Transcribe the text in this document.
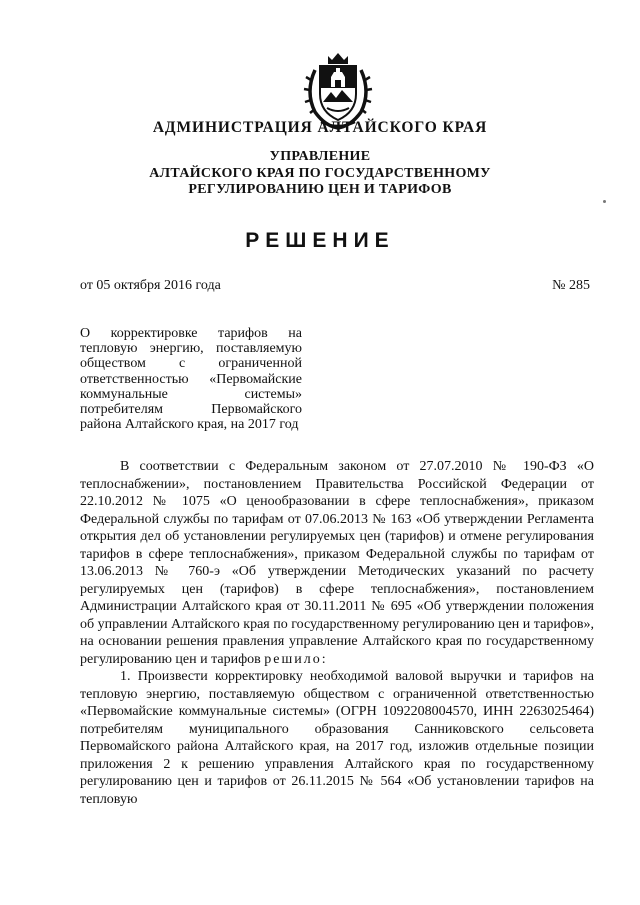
АДМИНИСТРАЦИЯ АЛТАЙСКОГО КРАЯ
УПРАВЛЕНИЕ
АЛТАЙСКОГО КРАЯ ПО ГОСУДАРСТВЕННОМУ
РЕГУЛИРОВАНИЮ ЦЕН И ТАРИФОВ
РЕШЕНИЕ
от 05 октября 2016 года	№ 285
О корректировке тарифов на тепловую энергию, поставляемую обществом с ограниченной ответственностью «Первомайские коммунальные системы» потребителям Первомайского района Алтайского края, на 2017 год

В соответствии с Федеральным законом от 27.07.2010 № 190-ФЗ «О теплоснабжении», постановлением Правительства Российской Федерации от 22.10.2012 № 1075 «О ценообразовании в сфере теплоснабжения», приказом Федеральной службы по тарифам от 07.06.2013 № 163 «Об утверждении Регламента открытия дел об установлении регулируемых цен (тарифов) и отмене регулирования тарифов в сфере теплоснабжения», приказом Федеральной службы по тарифам от 13.06.2013 № 760-э «Об утверждении Методических указаний по расчету регулируемых цен (тарифов) в сфере теплоснабжения», постановлением Администрации Алтайского края от 30.11.2011 № 695 «Об утверждении положения об управлении Алтайского края по государственному регулированию цен и тарифов», на основании решения правления управление Алтайского края по государственному регулированию цен и тарифов решило:

1. Произвести корректировку необходимой валовой выручки и тарифов на тепловую энергию, поставляемую обществом с ограниченной ответственностью «Первомайские коммунальные системы» (ОГРН 1092208004570, ИНН 2263025464) потребителям муниципального образования Санниковского сельсовета Первомайского района Алтайского края, на 2017 год, изложив отдельные позиции приложения 2 к решению управления Алтайского края по государственному регулированию цен и тарифов от 26.11.2015 № 564 «Об установлении тарифов на тепловую
